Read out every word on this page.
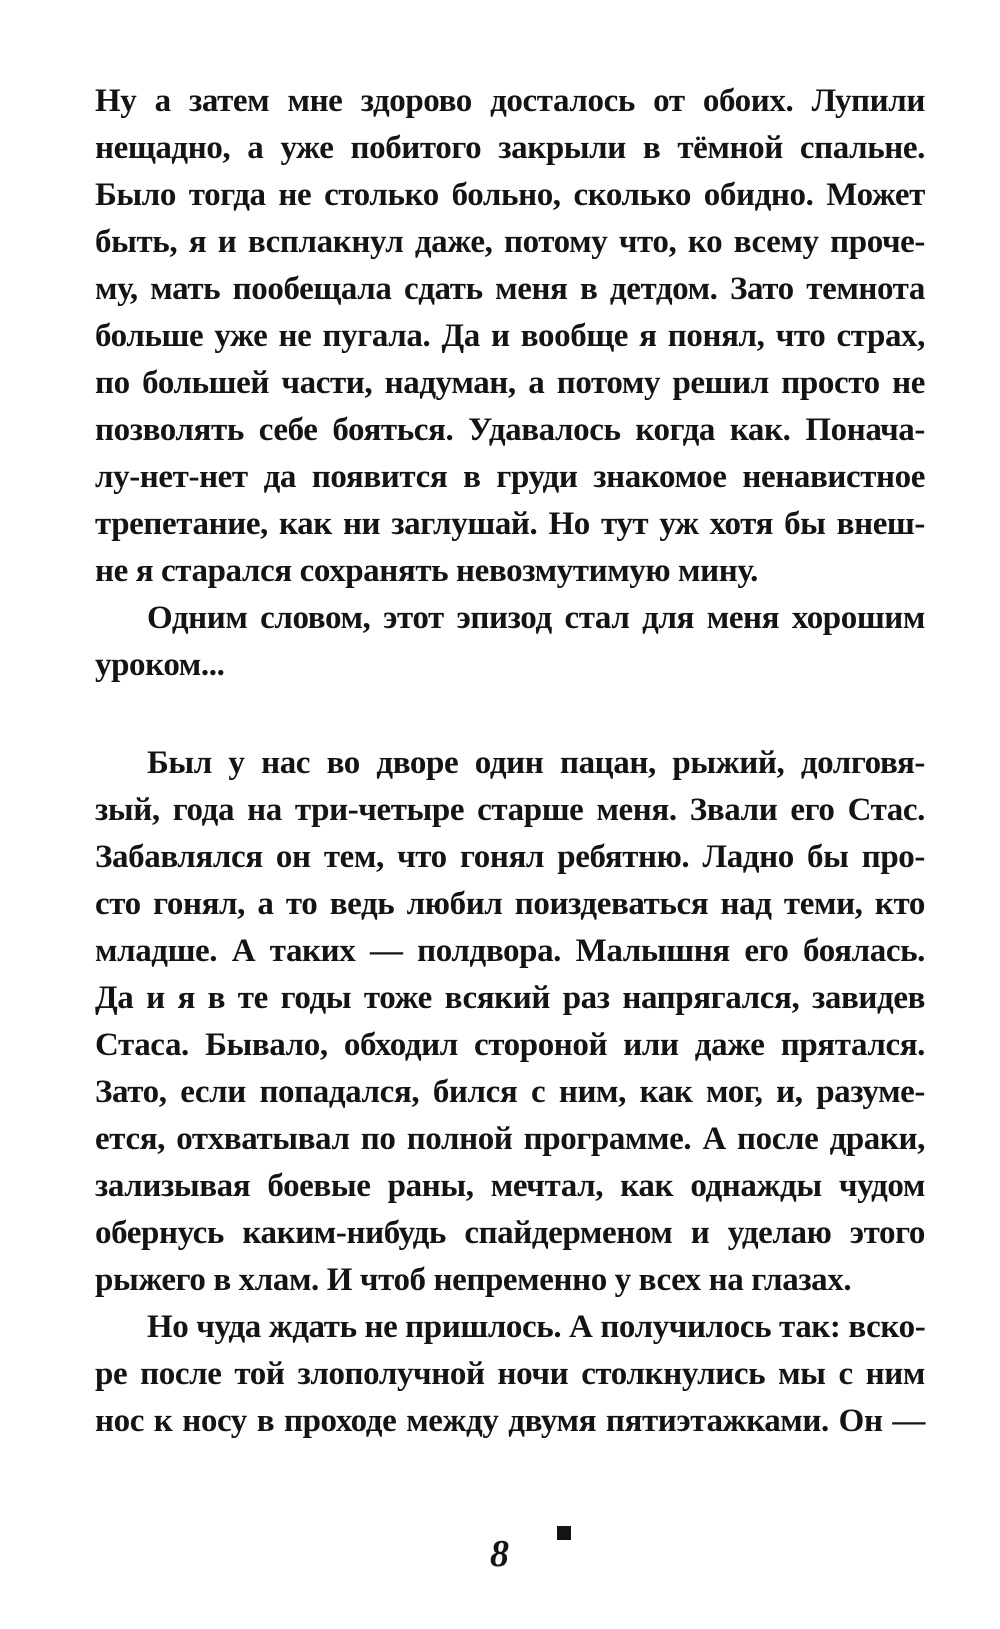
Ну а затем мне здорово досталось от обоих. Лупили
нещадно, а уже побитого закрыли в тёмной спальне.
Было тогда не столько больно, сколько обидно. Может
быть, я и всплакнул даже, потому что, ко всему проче-
му, мать пообещала сдать меня в детдом. Зато темнота
больше уже не пугала. Да и вообще я понял, что страх,
по большей части, надуман, а потому решил просто не
позволять себе бояться. Удавалось когда как. Поначa-
лу-нет-нет да появится в груди знакомое ненавистное
трепетание, как ни заглушай. Но тут уж хотя бы внеш-
не я старался сохранять невозмутимую мину.
Одним словом, этот эпизод стал для меня хорошим
уроком...
Был у нас во дворе один пацан, рыжий, долговя-
зый, года на три-четыре старше меня. Звали его Стас.
Забавлялся он тем, что гонял ребятню. Ладно бы про-
сто гонял, а то ведь любил поиздеваться над теми, кто
младше. А таких — полдвора. Малышня его боялась.
Да и я в те годы тоже всякий раз напрягался, завидев
Стаса. Бывало, обходил стороной или даже прятался.
Зато, если попадался, бился с ним, как мог, и, разуме-
ется, отхватывал по полной программе. А после драки,
зализывая боевые раны, мечтал, как однажды чудом
обернусь каким-нибудь спайдерменом и уделаю этого
рыжего в хлам. И чтоб непременно у всех на глазах.
Но чуда ждать не пришлось. А получилось так: вско-
ре после той злополучной ночи столкнулись мы с ним
нос к носу в проходе между двумя пятиэтажками. Он —
8
